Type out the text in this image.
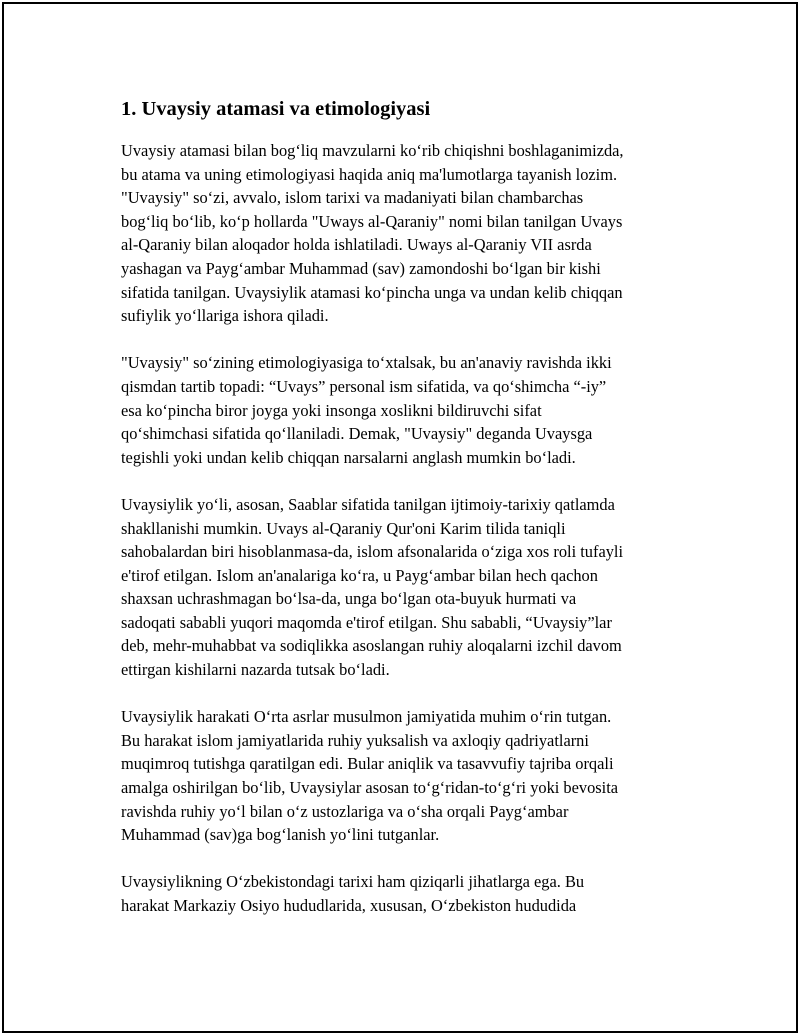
1. Uvaysiy atamasi va etimologiyasi

Uvaysiy atamasi bilan bog‘liq mavzularni ko‘rib chiqishni boshlaganimizda,
bu atama va uning etimologiyasi haqida aniq ma'lumotlarga tayanish lozim.
"Uvaysiy" so‘zi, avvalo, islom tarixi va madaniyati bilan chambarchas
bog‘liq bo‘lib, ko‘p hollarda "Uways al-Qaraniy" nomi bilan tanilgan Uvays
al-Qaraniy bilan aloqador holda ishlatiladi. Uways al-Qaraniy VII asrda
yashagan va Payg‘ambar Muhammad (sav) zamondoshi bo‘lgan bir kishi
sifatida tanilgan. Uvaysiylik atamasi ko‘pincha unga va undan kelib chiqqan
sufiylik yo‘llariga ishora qiladi.

"Uvaysiy" so‘zining etimologiyasiga to‘xtalsak, bu an'anaviy ravishda ikki
qismdan tartib topadi: “Uvays” personal ism sifatida, va qo‘shimcha “-iy”
esa ko‘pincha biror joyga yoki insonga xoslikni bildiruvchi sifat
qo‘shimchasi sifatida qo‘llaniladi. Demak, "Uvaysiy" deganda Uvaysga
tegishli yoki undan kelib chiqqan narsalarni anglash mumkin bo‘ladi.

Uvaysiylik yo‘li, asosan, Saablar sifatida tanilgan ijtimoiy-tarixiy qatlamda
shakllanishi mumkin. Uvays al-Qaraniy Qur'oni Karim tilida taniqli
sahobalardan biri hisoblanmasa-da, islom afsonalarida o‘ziga xos roli tufayli
e'tirof etilgan. Islom an'analariga ko‘ra, u Payg‘ambar bilan hech qachon
shaxsan uchrashmagan bo‘lsa-da, unga bo‘lgan ota-buyuk hurmati va
sadoqati sababli yuqori maqomda e'tirof etilgan. Shu sababli, “Uvaysiy”lar
deb, mehr-muhabbat va sodiqlikka asoslangan ruhiy aloqalarni izchil davom
ettirgan kishilarni nazarda tutsak bo‘ladi.

Uvaysiylik harakati O‘rta asrlar musulmon jamiyatida muhim o‘rin tutgan.
Bu harakat islom jamiyatlarida ruhiy yuksalish va axloqiy qadriyatlarni
muqimroq tutishga qaratilgan edi. Bular aniqlik va tasavvufiy tajriba orqali
amalga oshirilgan bo‘lib, Uvaysiylar asosan to‘g‘ridan-to‘g‘ri yoki bevosita
ravishda ruhiy yo‘l bilan o‘z ustozlariga va o‘sha orqali Payg‘ambar
Muhammad (sav)ga bog‘lanish yo‘lini tutganlar.

Uvaysiylikning O‘zbekistondagi tarixi ham qiziqarli jihatlarga ega. Bu
harakat Markaziy Osiyo hududlarida, xususan, O‘zbekiston hududida
